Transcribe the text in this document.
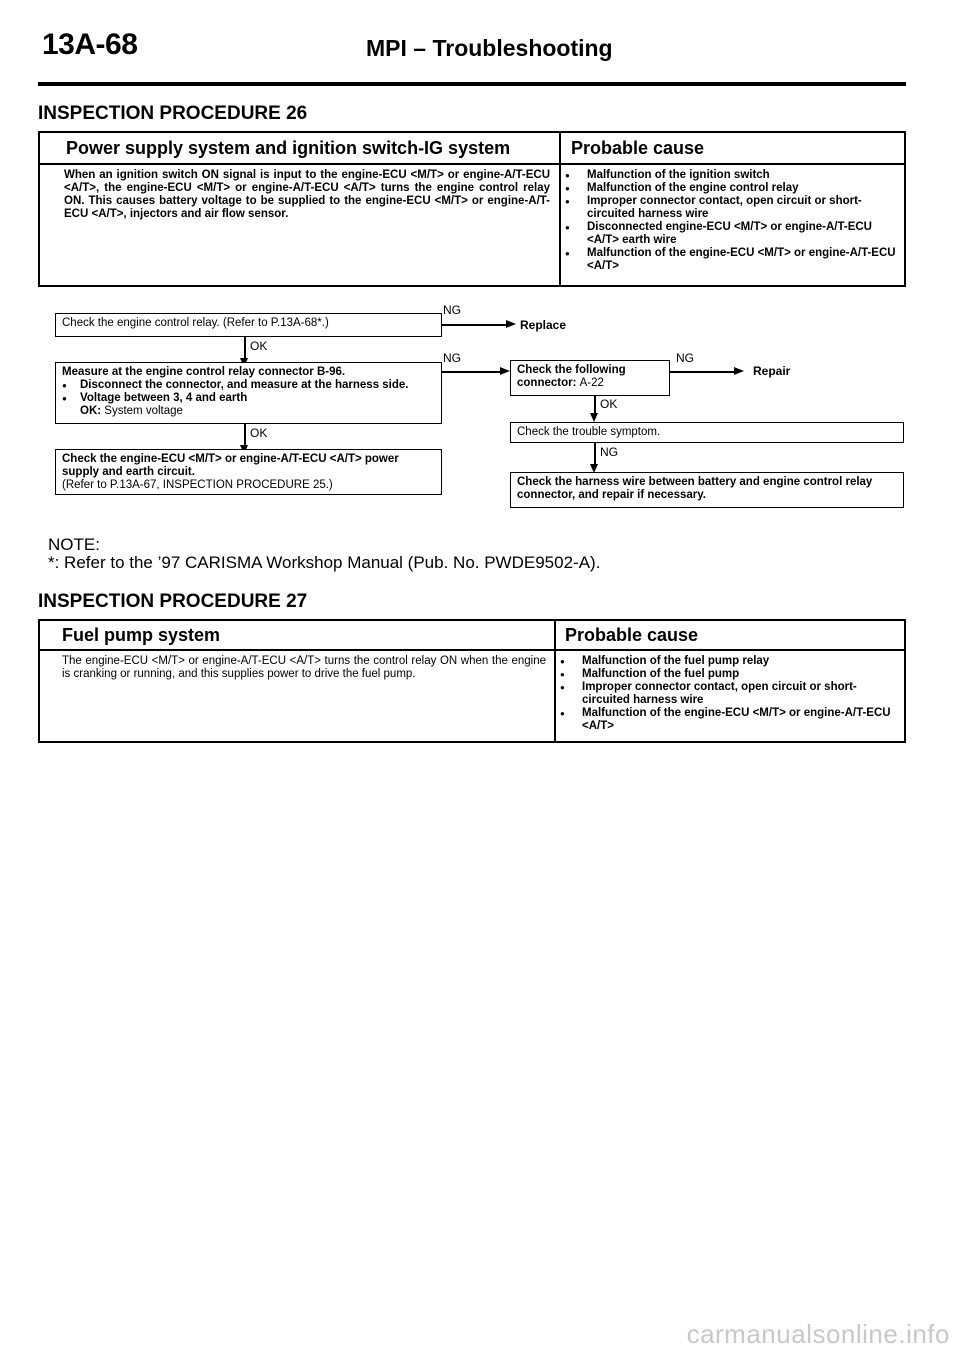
13A-68	MPI – Troubleshooting
INSPECTION PROCEDURE 26
Power supply system and ignition switch-IG system	Probable cause
When an ignition switch ON signal is input to the engine-ECU <M/T> or engine-A/T-ECU <A/T>, the engine-ECU <M/T> or engine-A/T-ECU <A/T> turns the engine control relay ON. This causes battery voltage to be supplied to the engine-ECU <M/T> or engine-A/T-ECU <A/T>, injectors and air flow sensor.
● Malfunction of the ignition switch
● Malfunction of the engine control relay
● Improper connector contact, open circuit or short-circuited harness wire
● Disconnected engine-ECU <M/T> or engine-A/T-ECU <A/T> earth wire
● Malfunction of the engine-ECU <M/T> or engine-A/T-ECU <A/T>

Check the engine control relay. (Refer to P.13A-68*.)

NG
Replace
OK

Measure at the engine control relay connector B-96.

● Disconnect the connector, and measure at the harness side.
● Voltage between 3, 4 and earth

OK: System voltage

NG
OK

Check the engine-ECU <M/T> or engine-A/T-ECU <A/T> power

supply and earth circuit.

(Refer to P.13A-67, INSPECTION PROCEDURE 25.)

Check the following

connector: A-22

NG
Repair
OK

Check the trouble symptom.

NG

Check the harness wire between battery and engine control relay connector, and repair if necessary.

NOTE:
*: Refer to the ’97 CARISMA Workshop Manual (Pub. No. PWDE9502-A).
INSPECTION PROCEDURE 27
Fuel pump system	Probable cause
The engine-ECU <M/T> or engine-A/T-ECU <A/T> turns the control relay ON when the engine is cranking or running, and this supplies power to drive the fuel pump.
● Malfunction of the fuel pump relay
● Malfunction of the fuel pump
● Improper connector contact, open circuit or short-circuited harness wire
● Malfunction of the engine-ECU <M/T> or engine-A/T-ECU <A/T>
carmanualsonline.info
